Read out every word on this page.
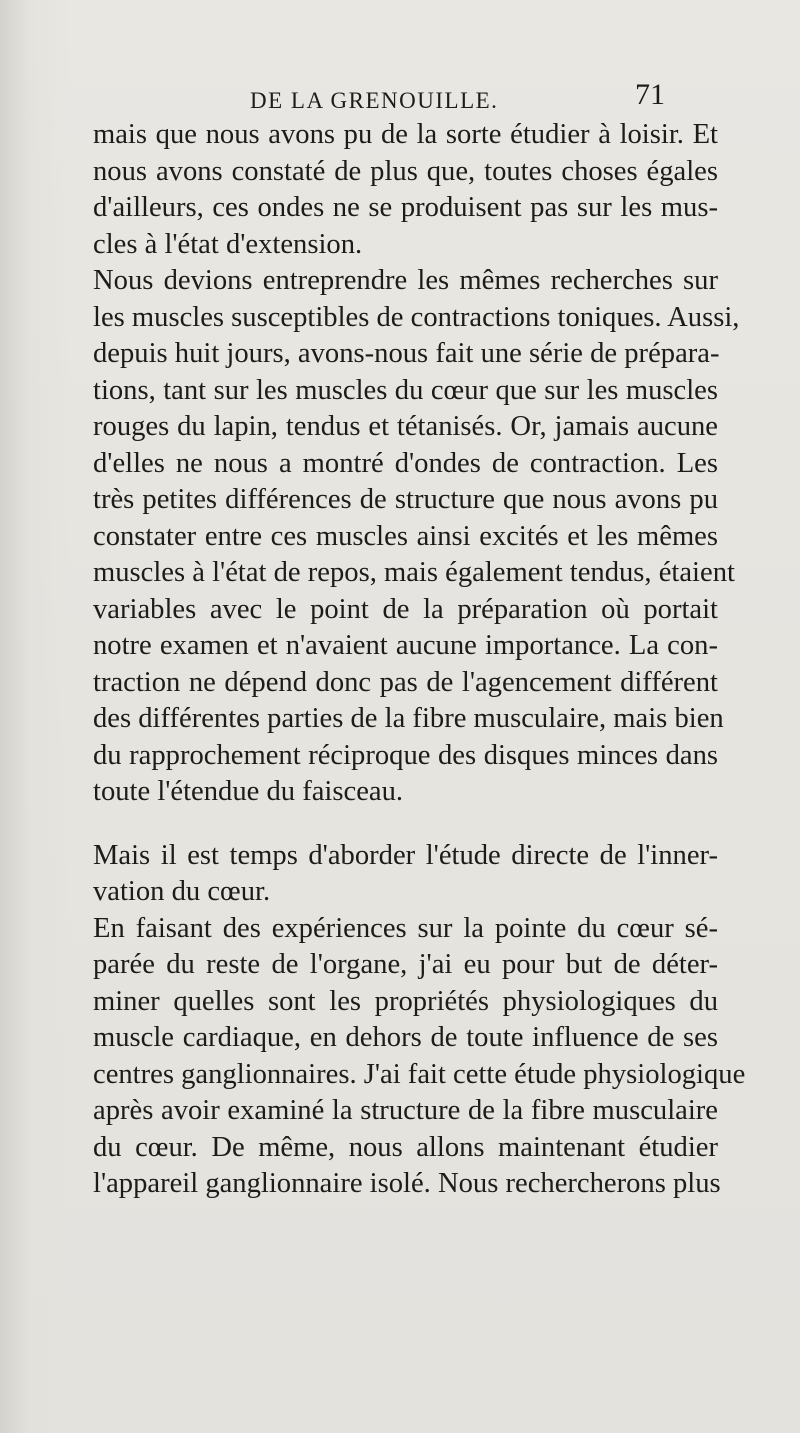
DE LA GRENOUILLE.	71

mais que nous avons pu de la sorte étudier à loisir. Et
nous avons constaté de plus que, toutes choses égales
d'ailleurs, ces ondes ne se produisent pas sur les mus-
cles à l'état d'extension.

Nous devions entreprendre les mêmes recherches sur
les muscles susceptibles de contractions toniques. Aussi,
depuis huit jours, avons-nous fait une série de prépara-
tions, tant sur les muscles du cœur que sur les muscles
rouges du lapin, tendus et tétanisés. Or, jamais aucune
d'elles ne nous a montré d'ondes de contraction. Les
très petites différences de structure que nous avons pu
constater entre ces muscles ainsi excités et les mêmes
muscles à l'état de repos, mais également tendus, étaient
variables avec le point de la préparation où portait
notre examen et n'avaient aucune importance. La con-
traction ne dépend donc pas de l'agencement différent
des différentes parties de la fibre musculaire, mais bien
du rapprochement réciproque des disques minces dans
toute l'étendue du faisceau.

Mais il est temps d'aborder l'étude directe de l'inner-
vation du cœur.

En faisant des expériences sur la pointe du cœur sé-
parée du reste de l'organe, j'ai eu pour but de déter-
miner quelles sont les propriétés physiologiques du
muscle cardiaque, en dehors de toute influence de ses
centres ganglionnaires. J'ai fait cette étude physiologique
après avoir examiné la structure de la fibre musculaire
du cœur. De même, nous allons maintenant étudier
l'appareil ganglionnaire isolé. Nous rechercherons plus
